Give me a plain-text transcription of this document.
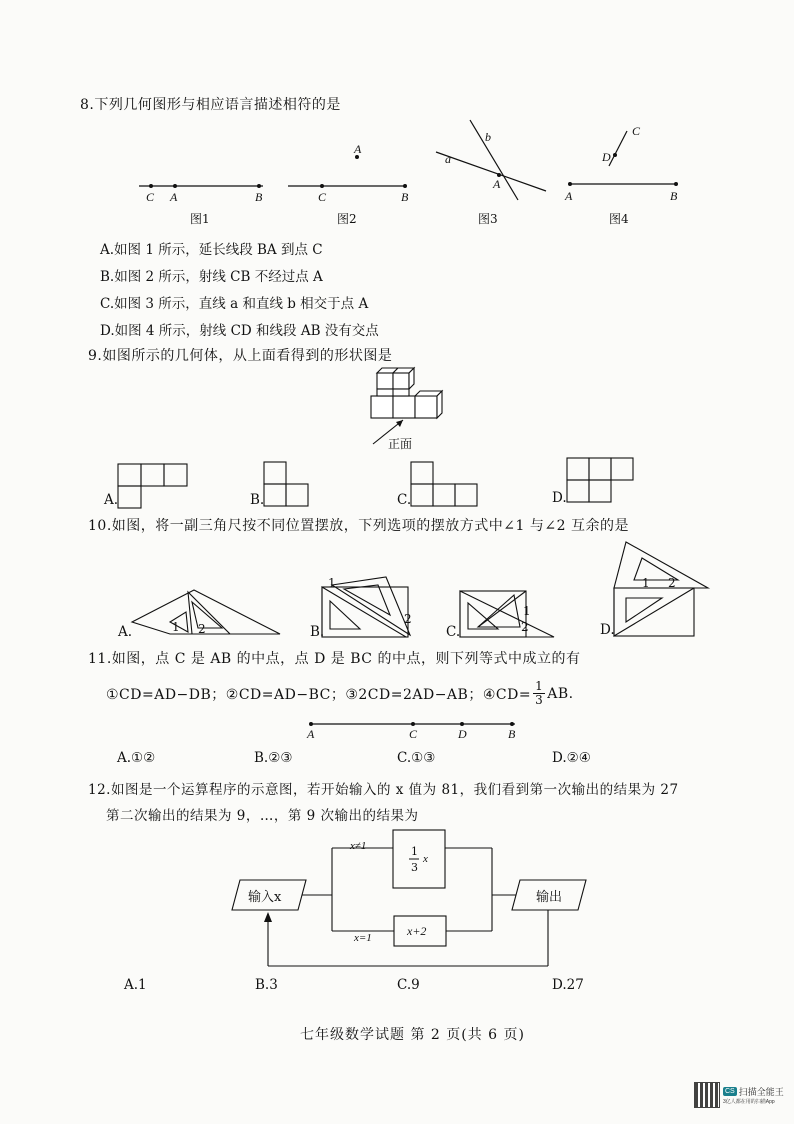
8.下列几何图形与相应语言描述相符的是
C A	B
图1
A
C	B
图2
b
a
A
图3
C
D
A	B
图4
A.如图 1 所示，延长线段 BA 到点 C
B.如图 2 所示，射线 CB 不经过点 A
C.如图 3 所示，直线 a 和直线 b 相交于点 A
D.如图 4 所示，射线 CD 和线段 AB 没有交点
9.如图所示的几何体，从上面看得到的形状图是
正面
A.	B.	C.	D.
10.如图，将一副三角尺按不同位置摆放，下列选项的摆放方式中∠1 与∠2 互余的是
A.	1 2	B.
1
2
C.
1
2	D.
1 2
11.如图，点 C 是 AB 的中点，点 D 是 BC 的中点，则下列等式中成立的有
①CD=AD−DB；②CD=AD−BC；③2CD=2AD−AB；④CD= $\frac{1}{3}$ AB.
A	C	D	B
A.①②	B.②③	C.①③	D.②④
12.如图是一个运算程序的示意图，若开始输入的 x 值为 81，我们看到第一次输出的结果为 27
第二次输出的结果为 9，…，第 9 次输出的结果为
输入x	输出
x≠1
x=1
1
3
x
x+2
A.1	B.3	C.9	D.27
七年级数学试题 第 2 页(共 6 页)
CS 扫描全能王
3亿人都在用的扫描App
